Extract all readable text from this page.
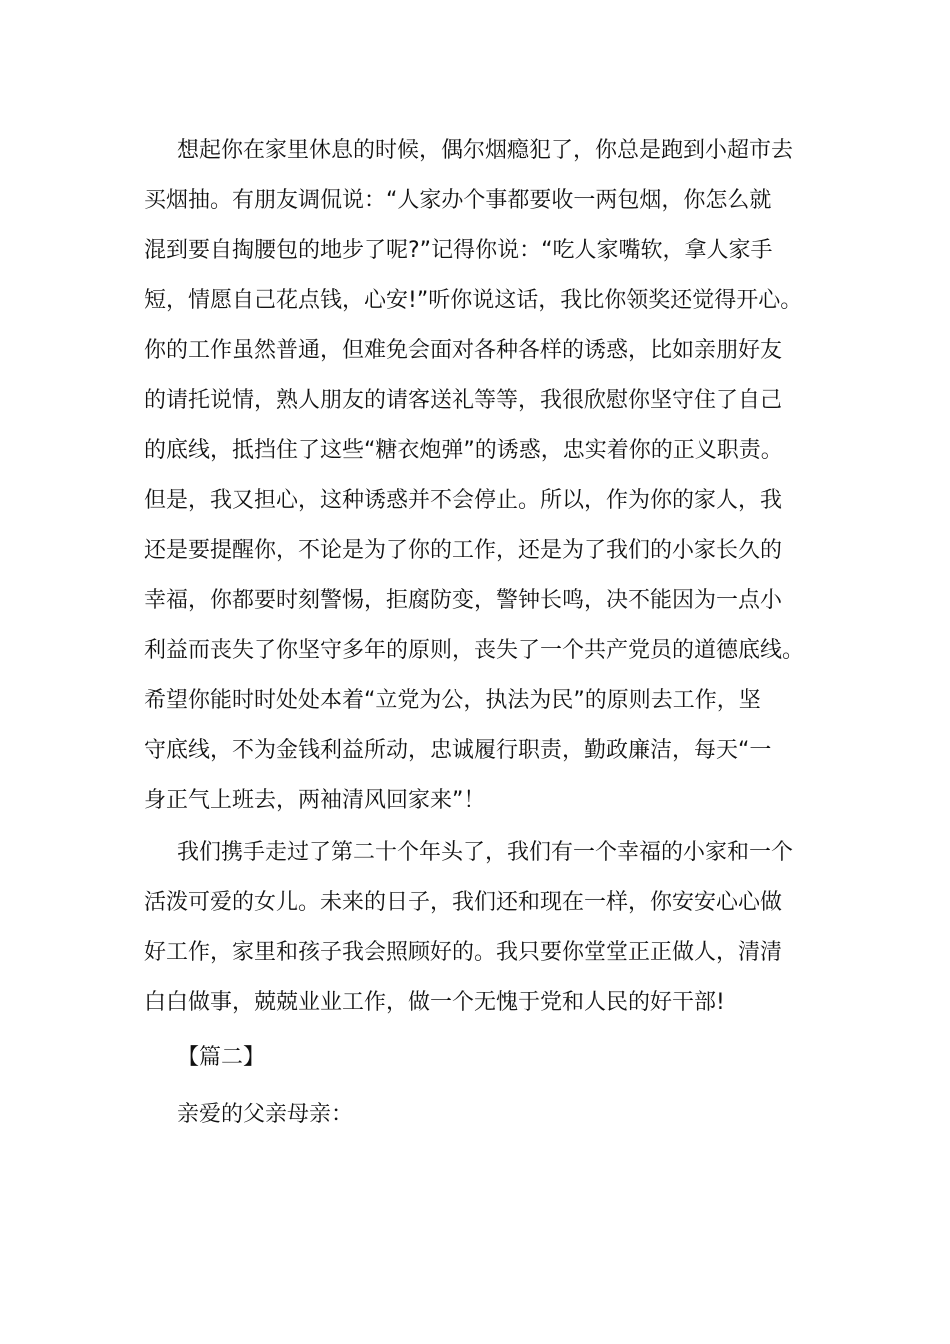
想起你在家里休息的时候，偶尔烟瘾犯了，你总是跑到小超市去
买烟抽。有朋友调侃说：“人家办个事都要收一两包烟，你怎么就
混到要自掏腰包的地步了呢?”记得你说：“吃人家嘴软，拿人家手
短，情愿自己花点钱，心安!”听你说这话，我比你领奖还觉得开心。
你的工作虽然普通，但难免会面对各种各样的诱惑，比如亲朋好友
的请托说情，熟人朋友的请客送礼等等，我很欣慰你坚守住了自己
的底线，抵挡住了这些“糖衣炮弹”的诱惑，忠实着你的正义职责。
但是，我又担心，这种诱惑并不会停止。所以，作为你的家人，我
还是要提醒你，不论是为了你的工作，还是为了我们的小家长久的
幸福，你都要时刻警惕，拒腐防变，警钟长鸣，决不能因为一点小
利益而丧失了你坚守多年的原则，丧失了一个共产党员的道德底线。
希望你能时时处处本着“立党为公，执法为民”的原则去工作，坚
守底线，不为金钱利益所动，忠诚履行职责，勤政廉洁，每天“一
身正气上班去，两袖清风回家来”！
我们携手走过了第二十个年头了，我们有一个幸福的小家和一个
活泼可爱的女儿。未来的日子，我们还和现在一样，你安安心心做
好工作，家里和孩子我会照顾好的。我只要你堂堂正正做人，清清
白白做事，兢兢业业工作，做一个无愧于党和人民的好干部!
【篇二】
亲爱的父亲母亲：
